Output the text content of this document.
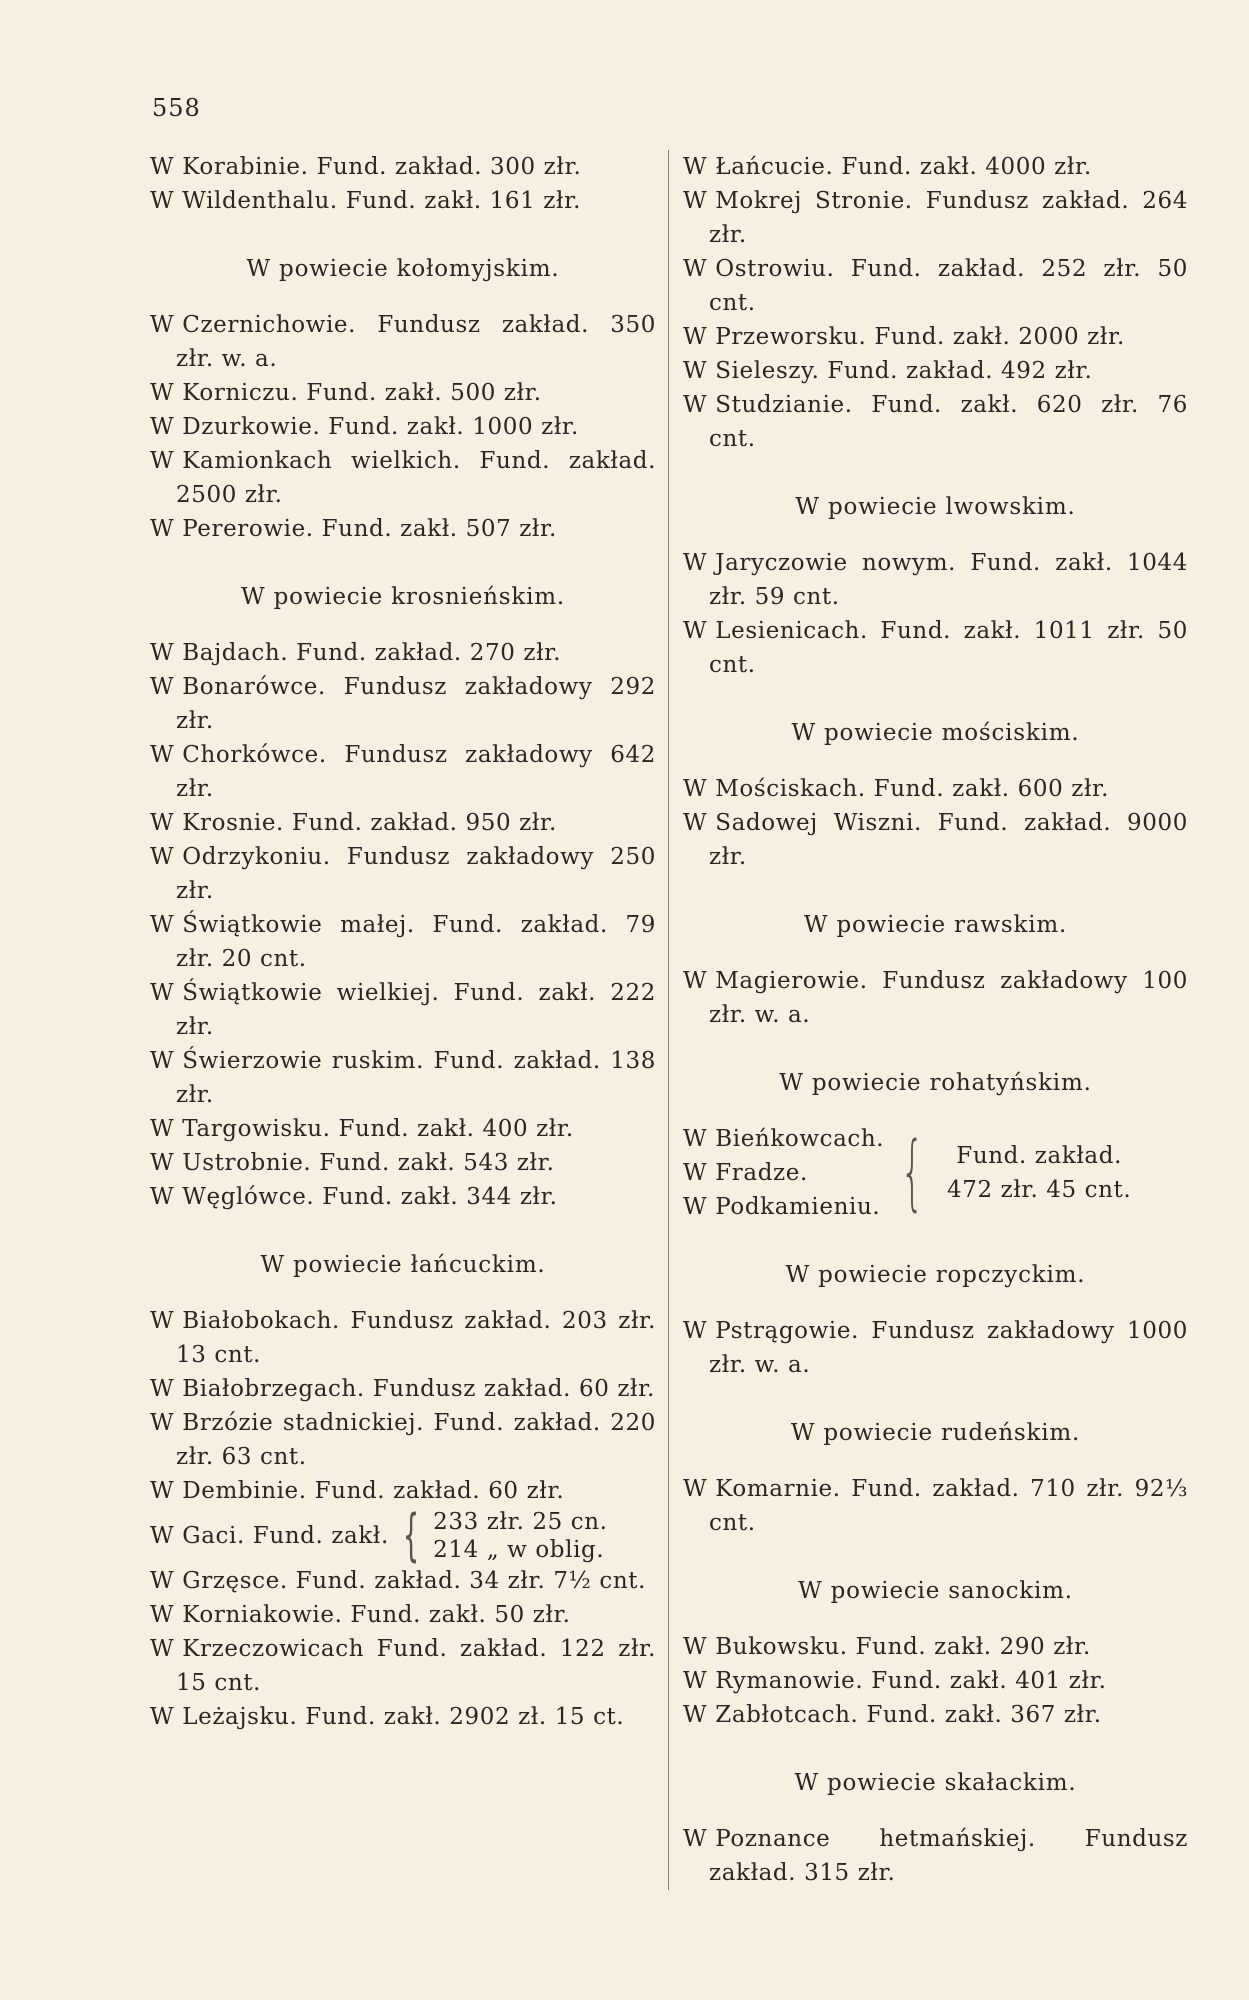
558
W Korabinie. Fund. zakład. 300 złr.
W Wildenthalu. Fund. zakł. 161 złr.
W powiecie kołomyjskim.
W Czernichowie. Fundusz zakład. 350 złr. w. a.
W Korniczu. Fund. zakł. 500 złr.
W Dzurkowie. Fund. zakł. 1000 złr.
W Kamionkach wielkich. Fund. zakład. 2500 złr.
W Pererowie. Fund. zakł. 507 złr.
W powiecie krosnieńskim.
W Bajdach. Fund. zakład. 270 złr.
W Bonarówce. Fundusz zakładowy 292 złr.
W Chorkówce. Fundusz zakładowy 642 złr.
W Krosnie. Fund. zakład. 950 złr.
W Odrzykoniu. Fundusz zakładowy 250 złr.
W Świątkowie małej. Fund. zakład. 79 złr. 20 cnt.
W Świątkowie wielkiej. Fund. zakł. 222 złr.
W Świerzowie ruskim. Fund. zakład. 138 złr.
W Targowisku. Fund. zakł. 400 złr.
W Ustrobnie. Fund. zakł. 543 złr.
W Węglówce. Fund. zakł. 344 złr.
W powiecie łańcuckim.
W Białobokach. Fundusz zakład. 203 złr. 13 cnt.
W Białobrzegach. Fundusz zakład. 60 złr.
W Brzózie stadnickiej. Fund. zakład. 220 złr. 63 cnt.
W Dembinie. Fund. zakład. 60 złr.
W Gaci. Fund. zakł. { 233 złr. 25 cn.
214 „ w oblig.
W Grzęsce. Fund. zakład. 34 złr. 7½ cnt.
W Korniakowie. Fund. zakł. 50 złr.
W Krzeczowicach Fund. zakład. 122 złr. 15 cnt.
W Leżajsku. Fund. zakł. 2902 zł. 15 ct.
W Łańcucie. Fund. zakł. 4000 złr.
W Mokrej Stronie. Fundusz zakład. 264 złr.
W Ostrowiu. Fund. zakład. 252 złr. 50 cnt.
W Przeworsku. Fund. zakł. 2000 złr.
W Sieleszy. Fund. zakład. 492 złr.
W Studzianie. Fund. zakł. 620 złr. 76 cnt.
W powiecie lwowskim.
W Jaryczowie nowym. Fund. zakł. 1044 złr. 59 cnt.
W Lesienicach. Fund. zakł. 1011 złr. 50 cnt.
W powiecie mościskim.
W Mościskach. Fund. zakł. 600 złr.
W Sadowej Wiszni. Fund. zakład. 9000 złr.
W powiecie rawskim.
W Magierowie. Fundusz zakładowy 100 złr. w. a.
W powiecie rohatyńskim.
W Bieńkowcach.
W Fradze.
W Podkamieniu. {	Fund. zakład.
472 złr. 45 cnt.
W powiecie ropczyckim.
W Pstrągowie. Fundusz zakładowy 1000 złr. w. a.
W powiecie rudeńskim.
W Komarnie. Fund. zakład. 710 złr. 92⅓ cnt.
W powiecie sanockim.
W Bukowsku. Fund. zakł. 290 złr.
W Rymanowie. Fund. zakł. 401 złr.
W Zabłotcach. Fund. zakł. 367 złr.
W powiecie skałackim.
W Poznance hetmańskiej. Fundusz zakład. 315 złr.
